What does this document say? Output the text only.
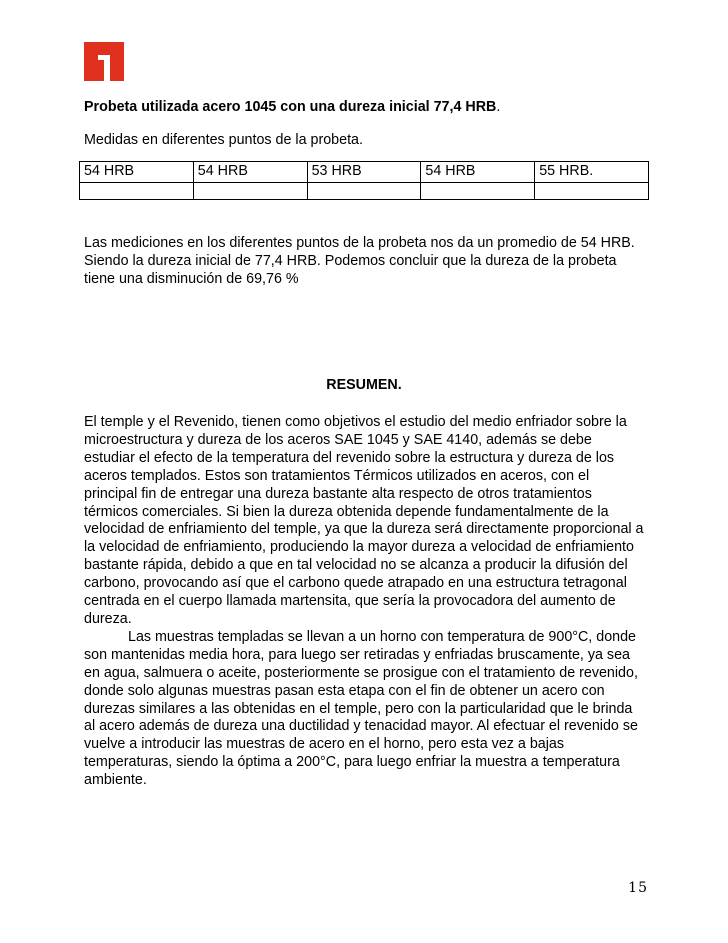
Probeta utilizada acero 1045 con una dureza inicial 77,4 HRB.

Medidas en diferentes puntos de la probeta.

54 HRB	54 HRB	53 HRB	54 HRB	55 HRB.

Las mediciones en los diferentes puntos de la probeta nos da un promedio de 54 HRB.

Siendo la dureza inicial de 77,4 HRB. Podemos concluir que la dureza de la probeta

tiene una disminución de 69,76 %

RESUMEN.
El temple y el Revenido, tienen como objetivos el estudio del medio enfriador sobre la
microestructura y dureza de los aceros SAE 1045 y SAE 4140, además se debe
estudiar el efecto de la temperatura del revenido sobre la estructura y dureza de los
aceros templados. Estos son tratamientos Térmicos utilizados en aceros, con el
principal fin de entregar una dureza bastante alta respecto de otros tratamientos
térmicos comerciales. Si bien la dureza obtenida depende fundamentalmente de la
velocidad de enfriamiento del temple, ya que la dureza será directamente proporcional a
la velocidad de enfriamiento, produciendo la mayor dureza a velocidad de enfriamiento
bastante rápida, debido a que en tal velocidad no se alcanza a producir la difusión del
carbono, provocando así que el carbono quede atrapado en una estructura tetragonal
centrada en el cuerpo llamada martensita, que sería la provocadora del aumento de
dureza.
Las muestras templadas se llevan a un horno con temperatura de 900°C, donde
son mantenidas media hora, para luego ser retiradas y enfriadas bruscamente, ya sea
en agua, salmuera o aceite, posteriormente se prosigue con el tratamiento de revenido,
donde solo algunas muestras pasan esta etapa con el fin de obtener un acero con
durezas similares a las obtenidas en el temple, pero con la particularidad que le brinda
al acero además de dureza una ductilidad y tenacidad mayor. Al efectuar el revenido se
vuelve a introducir las muestras de acero en el horno, pero esta vez a bajas
temperaturas, siendo la óptima a 200°C, para luego enfriar la muestra a temperatura
ambiente.
15
